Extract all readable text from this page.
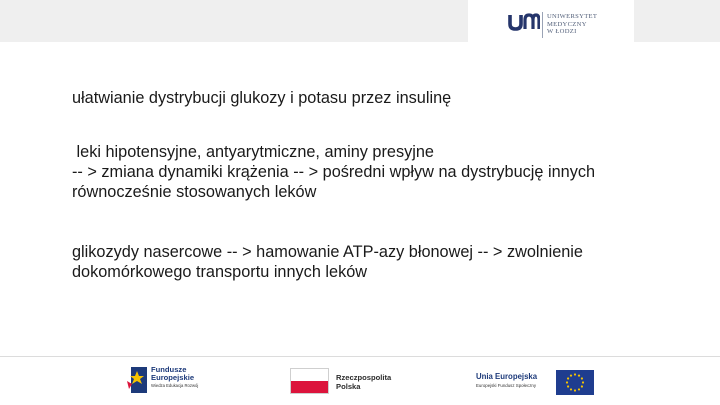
UNIWERSYTET
MEDYCZNY
W ŁODZI
ułatwianie dystrybucji glukozy i potasu przez insulinę
leki hipotensyjne, antyarytmiczne, aminy presyjne
-- > zmiana dynamiki krążenia -- > pośredni wpływ na dystrybucję innych
równocześnie stosowanych leków
glikozydy nasercowe -- > hamowanie ATP-azy błonowej -- > zwolnienie
dokomórkowego transportu innych leków
Fundusze
Europejskie
Wiedza Edukacja Rozwój
Rzeczpospolita
Polska
Unia Europejska
Europejski Fundusz Społeczny
